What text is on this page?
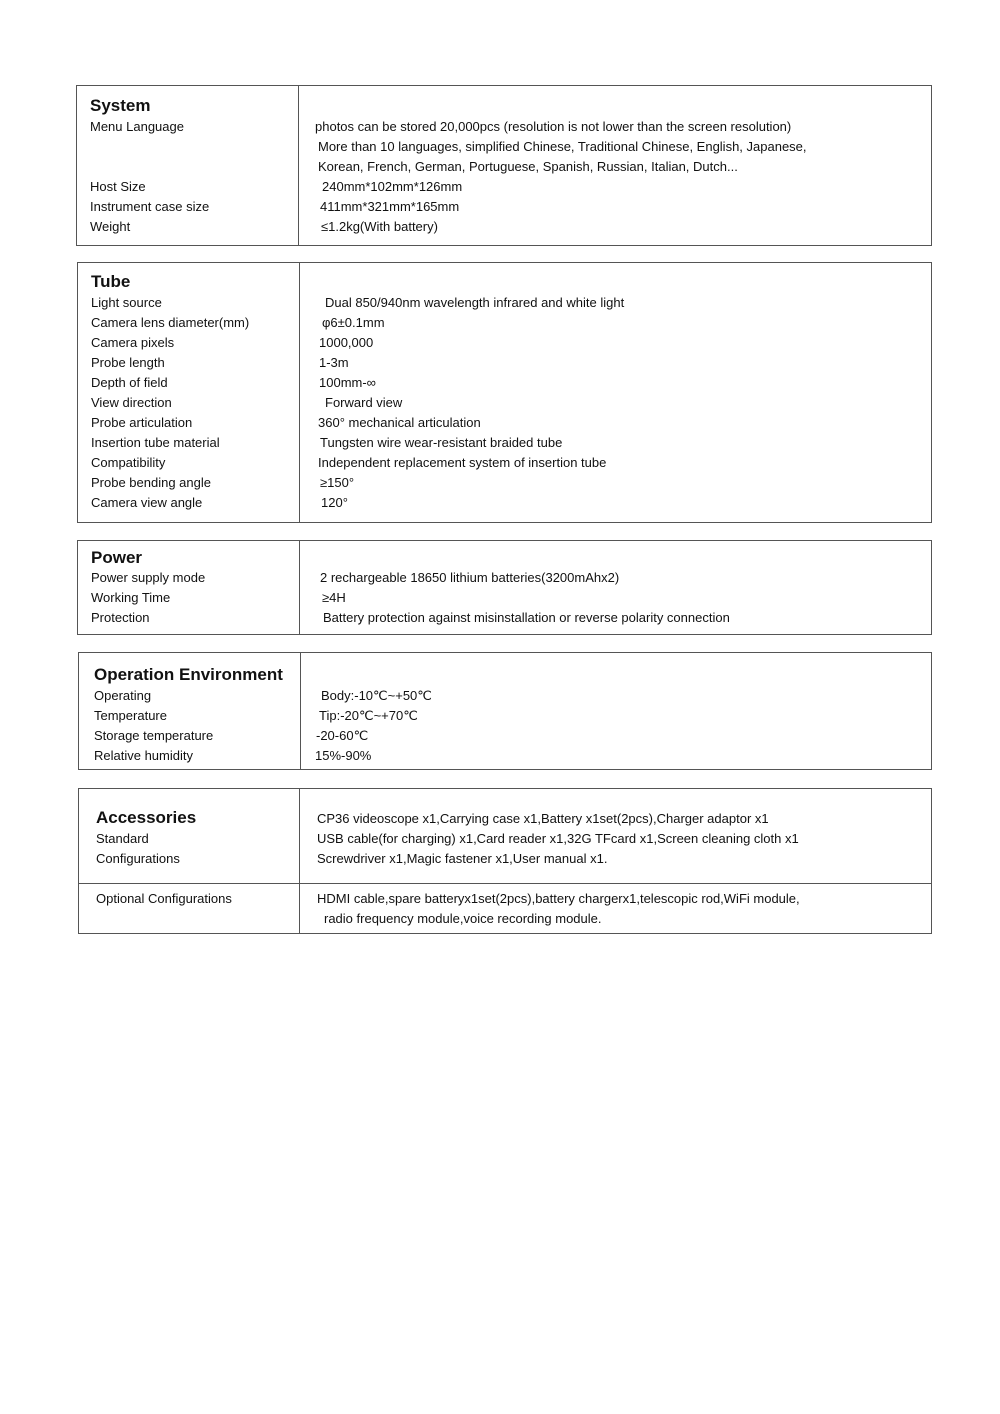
System
Menu Language
Host Size
Instrument case size
Weight
photos can be stored 20,000pcs (resolution is not lower than the screen resolution)
More than 10 languages, simplified Chinese, Traditional Chinese, English, Japanese,
Korean, French, German, Portuguese, Spanish, Russian, Italian, Dutch...
240mm*102mm*126mm
411mm*321mm*165mm
≤1.2kg(With battery)
Tube
Light source
Camera lens diameter(mm)
Camera pixels
Probe length
Depth of field
View direction
Probe articulation
Insertion tube material
Compatibility
Probe bending angle
Camera view angle
Dual 850/940nm wavelength infrared and white light
φ6±0.1mm
1000,000
1-3m
100mm-∞
Forward view
360° mechanical articulation
Tungsten wire wear-resistant braided tube
Independent replacement system of insertion tube
≥150°
120°
Power
Power supply mode
Working Time
Protection
2 rechargeable 18650 lithium batteries(3200mAhx2)
≥4H
Battery protection against misinstallation or reverse polarity connection
Operation Environment
Operating
Temperature
Storage temperature
Relative humidity
Body:-10℃~+50℃
Tip:-20℃~+70℃
-20-60℃
15%-90%
Accessories
Standard
Configurations
CP36 videoscope x1,Carrying case x1,Battery x1set(2pcs),Charger adaptor x1
USB cable(for charging) x1,Card reader x1,32G TFcard x1,Screen cleaning cloth x1
Screwdriver x1,Magic fastener x1,User manual x1.
Optional Configurations	HDMI cable,spare batteryx1set(2pcs),battery chargerx1,telescopic rod,WiFi module,
radio frequency module,voice recording module.
